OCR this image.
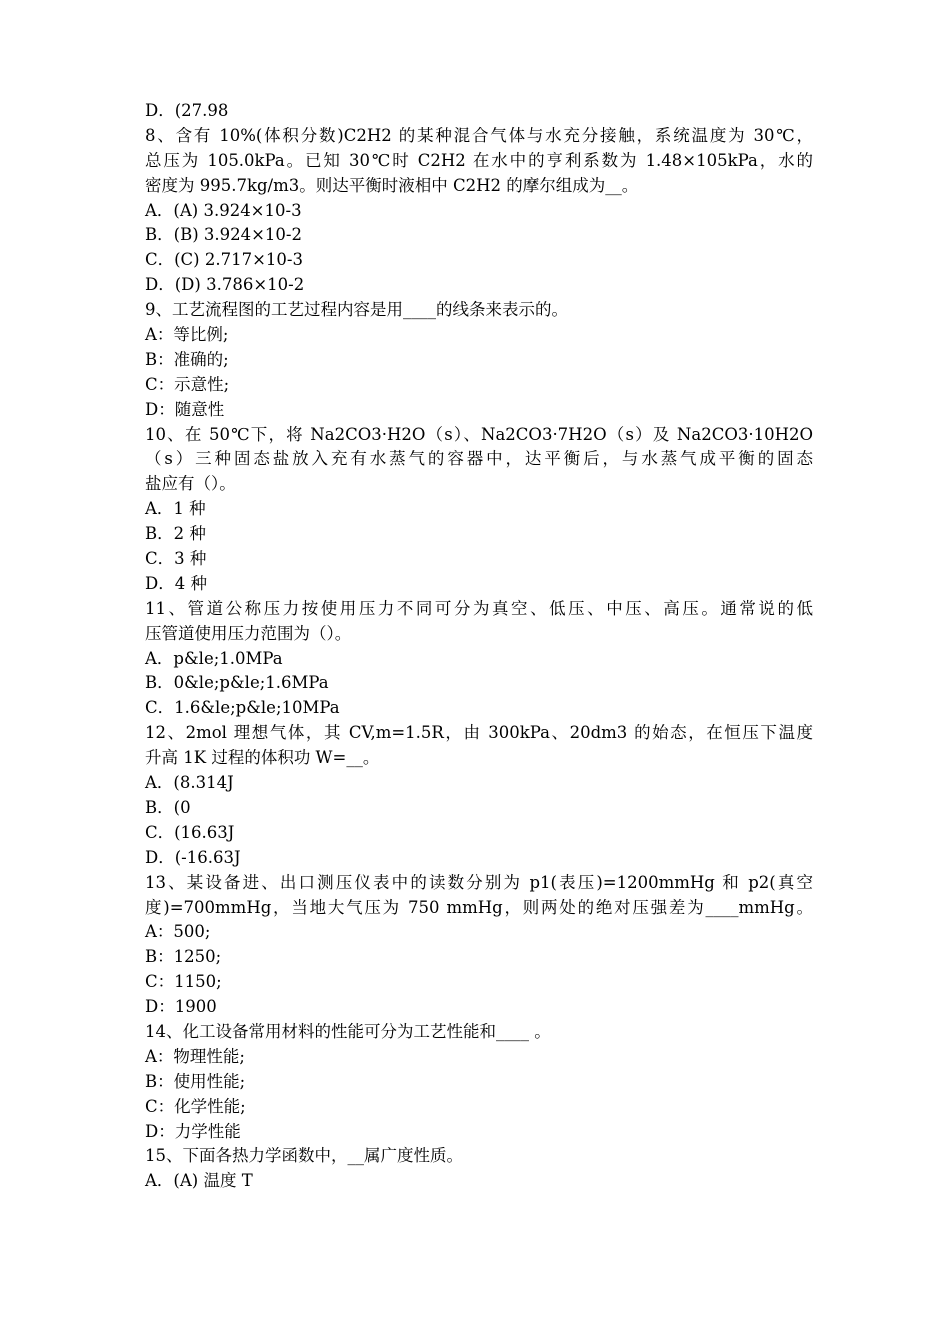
D．(27.98
8、含有 10%(体积分数)C2H2 的某种混合气体与水充分接触，系统温度为 30℃，
总压为 105.0kPa。已知 30℃时 C2H2 在水中的亨利系数为 1.48×105kPa，水的
密度为 995.7kg/m3。则达平衡时液相中 C2H2 的摩尔组成为__。
A．(A) 3.924×10-3
B．(B) 3.924×10-2
C．(C) 2.717×10-3
D．(D) 3.786×10-2
9、工艺流程图的工艺过程内容是用____的线条来表示的。
A：等比例;
B：准确的;
C：示意性;
D：随意性
10、在 50℃下，将 Na2CO3·H2O（s）、Na2CO3·7H2O（s）及 Na2CO3·10H2O
（s）三种固态盐放入充有水蒸气的容器中，达平衡后，与水蒸气成平衡的固态
盐应有（）。
A．1 种
B．2 种
C．3 种
D．4 种
11、管道公称压力按使用压力不同可分为真空、低压、中压、高压。通常说的低
压管道使用压力范围为（）。
A．p&le;1.0MPa
B．0&le;p&le;1.6MPa
C．1.6&le;p&le;10MPa
12、2mol 理想气体，其 CV,m=1.5R，由 300kPa、20dm3 的始态，在恒压下温度
升高 1K 过程的体积功 W=__。
A．(8.314J
B．(0
C．(16.63J
D．(-16.63J
13、某设备进、出口测压仪表中的读数分别为 p1(表压)=1200mmHg 和 p2(真空
度)=700mmHg，当地大气压为 750 mmHg，则两处的绝对压强差为____mmHg。
A：500;
B：1250;
C：1150;
D：1900
14、化工设备常用材料的性能可分为工艺性能和____ 。
A：物理性能;
B：使用性能;
C：化学性能;
D：力学性能
15、下面各热力学函数中，__属广度性质。
A．(A) 温度 T
